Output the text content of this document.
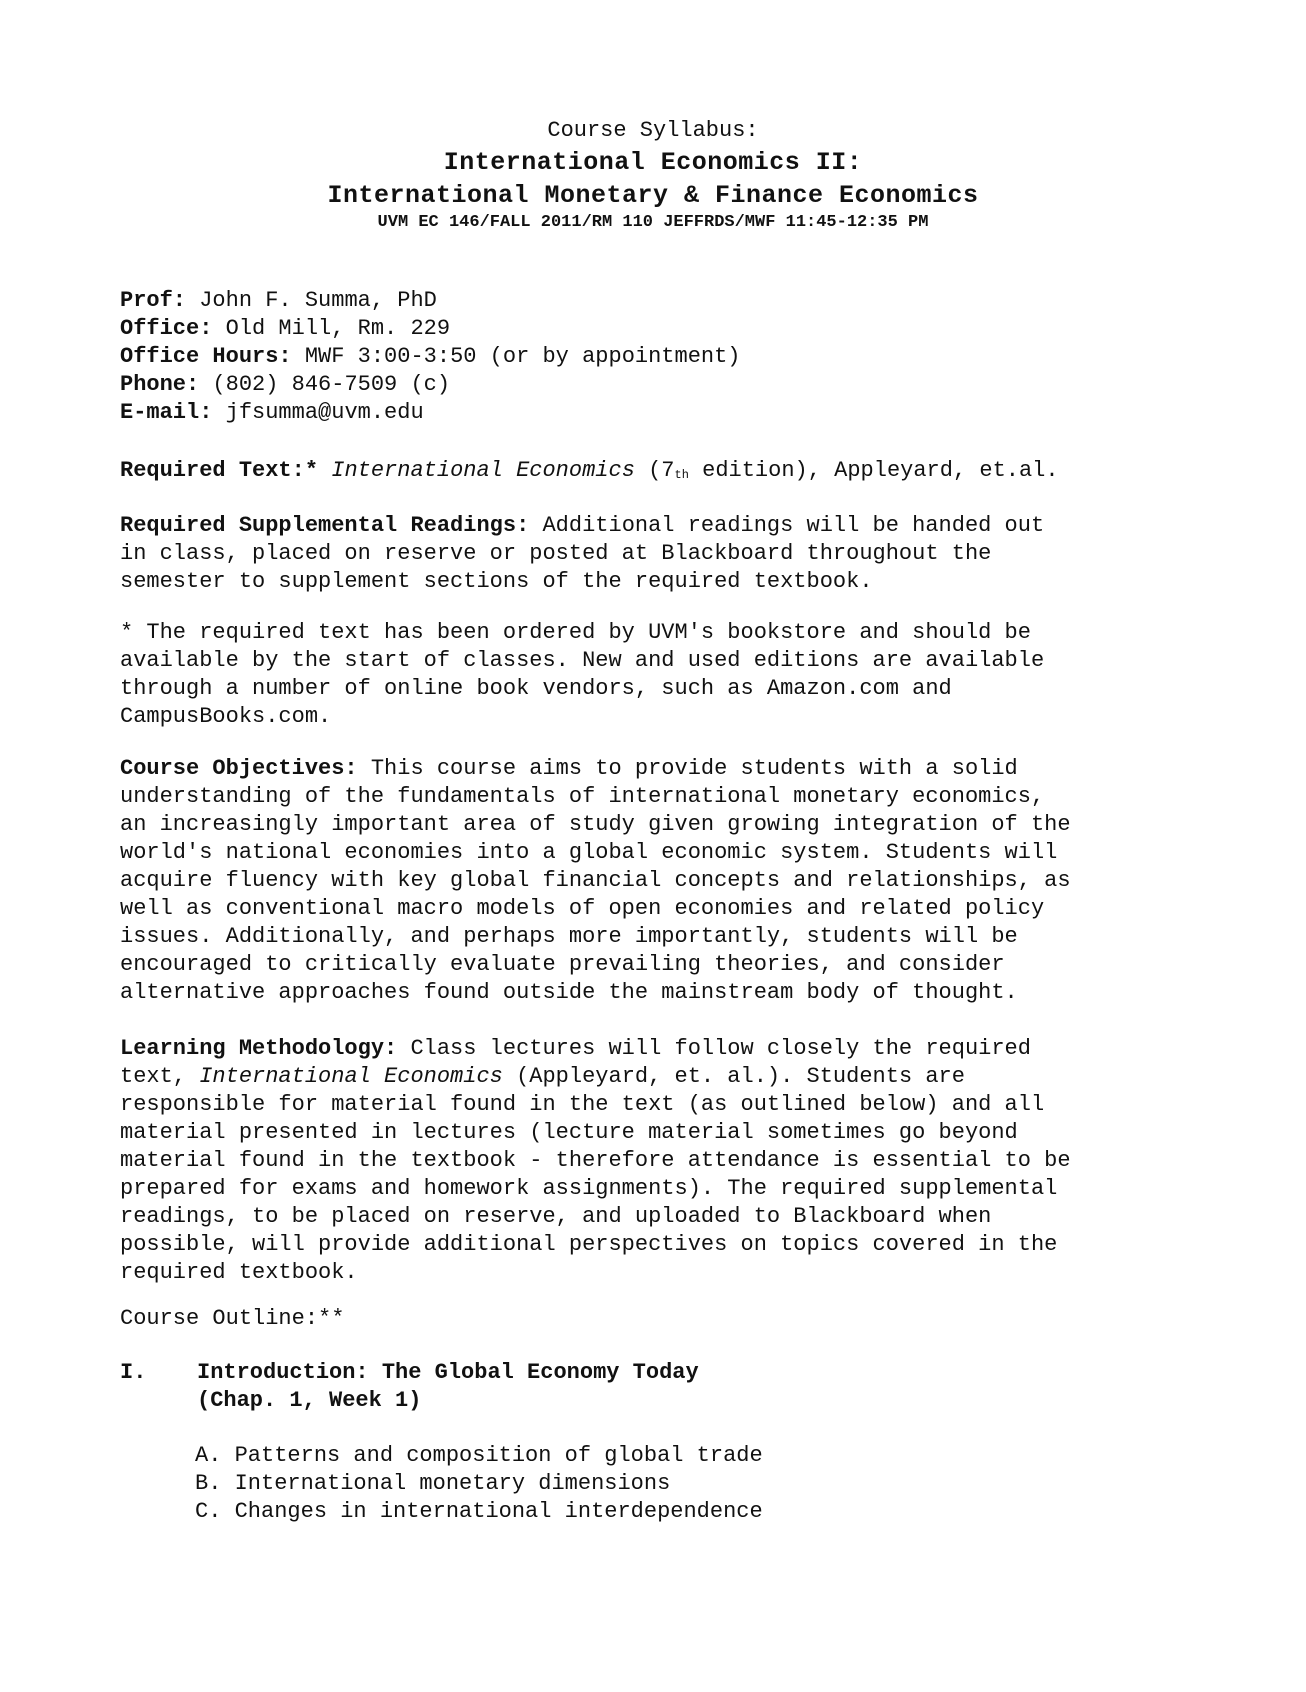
Course Syllabus:
International Economics II:
International Monetary & Finance Economics
UVM EC 146/FALL 2011/RM 110 JEFFRDS/MWF 11:45-12:35 PM
Prof: John F. Summa, PhD
Office: Old Mill, Rm. 229
Office Hours: MWF 3:00-3:50 (or by appointment)
Phone: (802) 846-7509 (c)
E-mail: jfsumma@uvm.edu
Required Text:* International Economics ($7_{th}$ edition), Appleyard, et.al.
Required Supplemental Readings: Additional readings will be handed out
in class, placed on reserve or posted at Blackboard throughout the
semester to supplement sections of the required textbook.
* The required text has been ordered by UVM's bookstore and should be
available by the start of classes. New and used editions are available
through a number of online book vendors, such as Amazon.com and
CampusBooks.com.
Course Objectives: This course aims to provide students with a solid
understanding of the fundamentals of international monetary economics,
an increasingly important area of study given growing integration of the
world's national economies into a global economic system. Students will
acquire fluency with key global financial concepts and relationships, as
well as conventional macro models of open economies and related policy
issues. Additionally, and perhaps more importantly, students will be
encouraged to critically evaluate prevailing theories, and consider
alternative approaches found outside the mainstream body of thought.
Learning Methodology: Class lectures will follow closely the required
text, International Economics (Appleyard, et. al.). Students are
responsible for material found in the text (as outlined below) and all
material presented in lectures (lecture material sometimes go beyond
material found in the textbook - therefore attendance is essential to be
prepared for exams and homework assignments). The required supplemental
readings, to be placed on reserve, and uploaded to Blackboard when
possible, will provide additional perspectives on topics covered in the
required textbook.
Course Outline:**
I. Introduction: The Global Economy Today
(Chap. 1, Week 1)
A. Patterns and composition of global trade
B. International monetary dimensions
C. Changes in international interdependence
